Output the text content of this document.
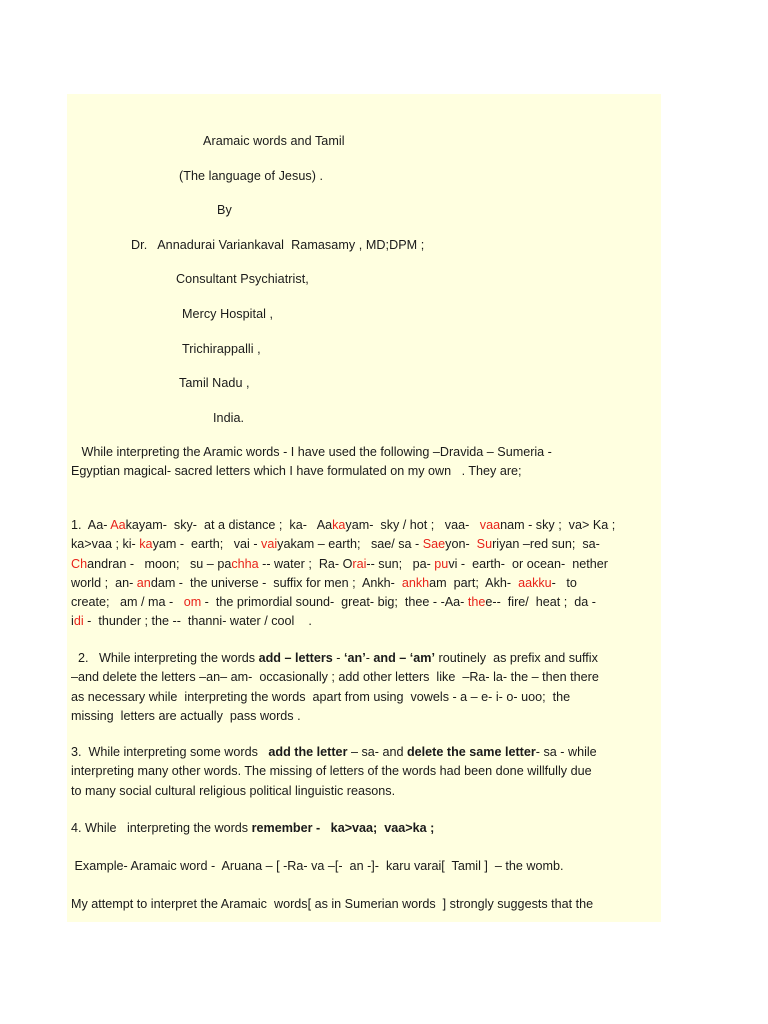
Aramaic words and Tamil
(The language of Jesus) .
By
Dr.   Annadurai Variankaval  Ramasamy , MD;DPM ;
Consultant Psychiatrist,
Mercy Hospital ,
Trichirappalli ,
Tamil Nadu ,
India.
While interpreting the Aramic words - I have used the following –Dravida – Sumeria -
Egyptian magical- sacred letters which I have formulated on my own   . They are;
1.  Aa- Aakayam-  sky-  at a distance ;  ka-   Aakayam-  sky / hot ;   vaa-   vaanam - sky ;  va> Ka ;
ka>vaa ; ki- kayam -  earth;   vai - vaiyakam – earth;   sae/ sa - Saeyon-  Suriyan –red sun;  sa-
Chandran -   moon;   su – pachha -- water ;  Ra- Orai-- sun;   pa- puvi -  earth-  or ocean-  nether
world ;  an- andam -  the universe -  suffix for men ;  Ankh-  ankham  part;  Akh-  aakku-   to
create;   am / ma -   om -  the primordial sound-  great- big;  thee - -Aa- thee--  fire/  heat ;  da -
idi -  thunder ; the --  thanni- water / cool    .
2.   While interpreting the words add – letters - ‘an’- and – ‘am’ routinely  as prefix and suffix
–and delete the letters –an– am-  occasionally ; add other letters  like  –Ra- la- the – then there
as necessary while  interpreting the words  apart from using  vowels - a – e- i- o- uoo;  the
missing  letters are actually  pass words .
3.  While interpreting some words   add the letter – sa- and delete the same letter- sa - while
interpreting many other words. The missing of letters of the words had been done willfully due
to many social cultural religious political linguistic reasons.
4. While   interpreting the words remember -   ka>vaa;  vaa>ka ;
Example- Aramaic word -  Aruana – [ -Ra- va –[-  an -]-  karu varai[  Tamil ]  – the womb.
My attempt to interpret the Aramaic  words[ as in Sumerian words  ] strongly suggests that the
